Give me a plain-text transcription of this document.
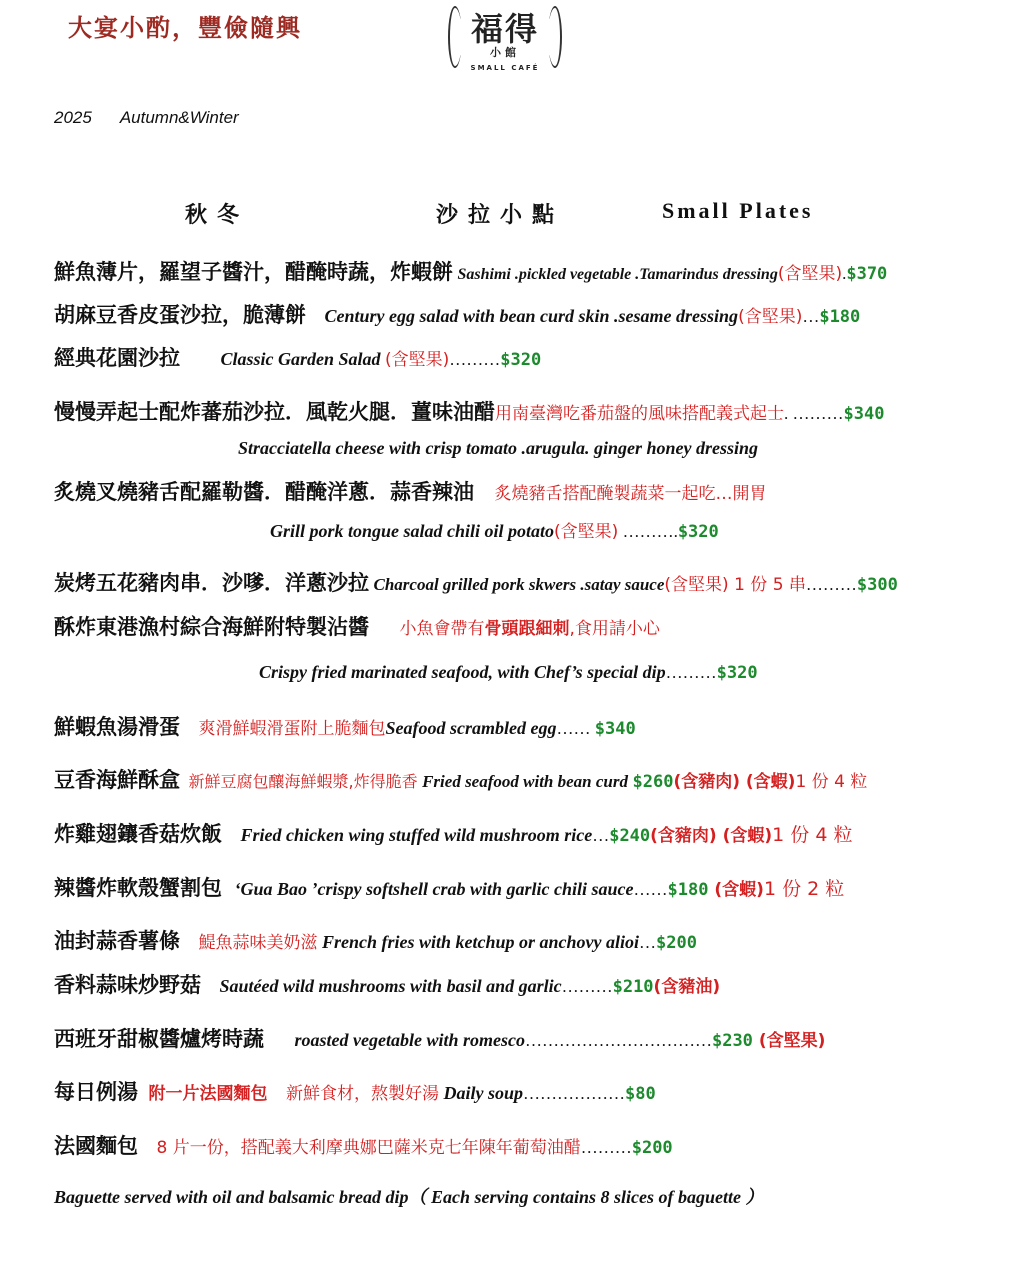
大宴小酌，豐儉隨興	福得
小館
SMALL CAFÉ
2025 Autumn&Winter
秋冬	沙拉小點	Small Plates
鮮魚薄片，羅望子醬汁，醋醃時蔬，炸蝦餅 Sashimi .pickled vegetable .Tamarindus dressing(含堅果).$370
胡麻豆香皮蛋沙拉，脆薄餅 Century egg salad with bean curd skin .sesame dressing(含堅果)…$180
經典花園沙拉 Classic Garden Salad (含堅果)………$320
慢慢弄起士配炸蕃茄沙拉．風乾火腿．薑味油醋用南臺灣吃番茄盤的風味搭配義式起士. ………$340
Stracciatella cheese with crisp tomato .arugula. ginger honey dressing
炙燒叉燒豬舌配羅勒醬．醋醃洋蔥．蒜香辣油 炙燒豬舌搭配醃製蔬菜一起吃…開胃
Grill pork tongue salad chili oil potato(含堅果) ……….$320
炭烤五花豬肉串．沙嗲．洋蔥沙拉 Charcoal grilled pork skwers .satay sauce(含堅果) 1 份 5 串………$300
酥炸東港漁村綜合海鮮附特製沾醬 小魚會帶有骨頭跟細刺,食用請小心
Crispy fried marinated seafood, with Chef’s special dip………$320
鮮蝦魚湯滑蛋 爽滑鮮蝦滑蛋附上脆麵包Seafood scrambled egg…… $340
豆香海鮮酥盒 新鮮豆腐包釀海鮮蝦漿,炸得脆香 Fried seafood with bean curd $260(含豬肉) (含蝦)1 份 4 粒
炸雞翅鑲香菇炊飯 Fried chicken wing stuffed wild mushroom rice…$240(含豬肉) (含蝦)1 份 4 粒
辣醬炸軟殼蟹割包 ‘Gua Bao ’crispy softshell crab with garlic chili sauce……$180 (含蝦)1 份 2 粒
油封蒜香薯條 鯷魚蒜味美奶滋 French fries with ketchup or anchovy alioi…$200
香料蒜味炒野菇 Sautéed wild mushrooms with basil and garlic………$210(含豬油)
西班牙甜椒醬爐烤時蔬 roasted vegetable with romesco……………………………$230 (含堅果)
每日例湯 附一片法國麵包 新鮮食材，熬製好湯 Daily soup………………$80
法國麵包 8 片一份，搭配義大利摩典娜巴薩米克七年陳年葡萄油醋………$200
Baguette served with oil and balsamic bread dip（ Each serving contains 8 slices of baguette ）
